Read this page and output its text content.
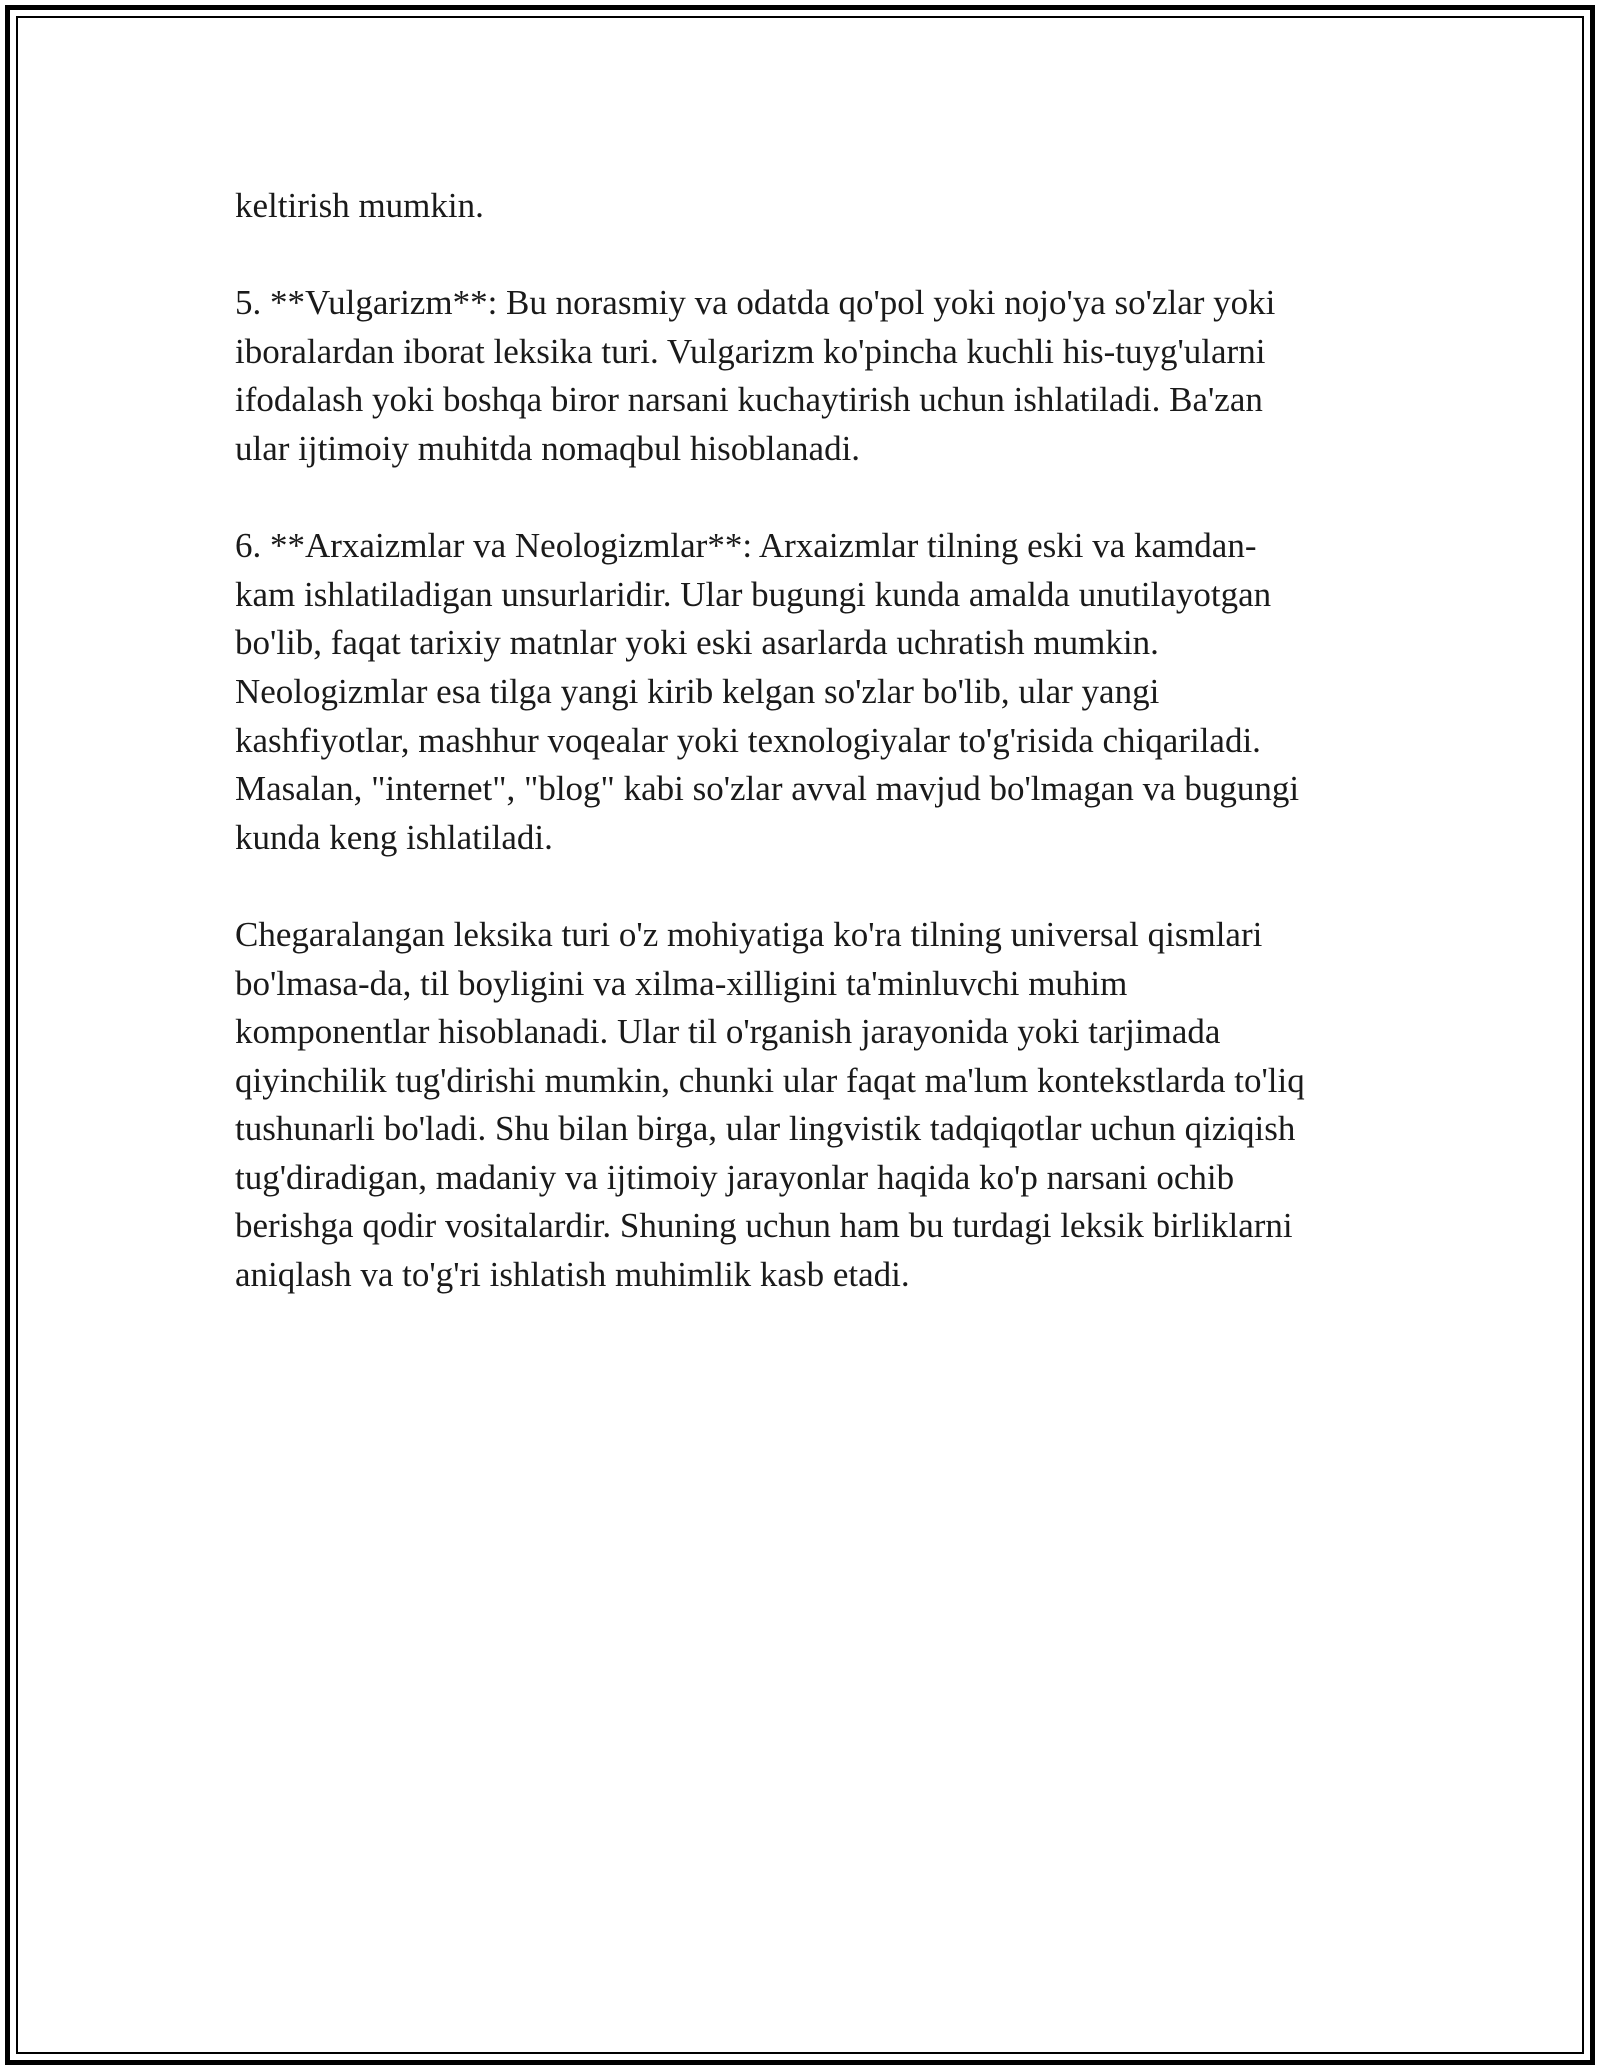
keltirish mumkin.

5. **Vulgarizm**: Bu norasmiy va odatda qo'pol yoki nojo'ya so'zlar yoki
iboralardan iborat leksika turi. Vulgarizm ko'pincha kuchli his-tuyg'ularni
ifodalash yoki boshqa biror narsani kuchaytirish uchun ishlatiladi. Ba'zan
ular ijtimoiy muhitda nomaqbul hisoblanadi.

6. **Arxaizmlar va Neologizmlar**: Arxaizmlar tilning eski va kamdan-
kam ishlatiladigan unsurlaridir. Ular bugungi kunda amalda unutilayotgan
bo'lib, faqat tarixiy matnlar yoki eski asarlarda uchratish mumkin.
Neologizmlar esa tilga yangi kirib kelgan so'zlar bo'lib, ular yangi
kashfiyotlar, mashhur voqealar yoki texnologiyalar to'g'risida chiqariladi.
Masalan, "internet", "blog" kabi so'zlar avval mavjud bo'lmagan va bugungi
kunda keng ishlatiladi.

Chegaralangan leksika turi o'z mohiyatiga ko'ra tilning universal qismlari
bo'lmasa-da, til boyligini va xilma-xilligini ta'minluvchi muhim
komponentlar hisoblanadi. Ular til o'rganish jarayonida yoki tarjimada
qiyinchilik tug'dirishi mumkin, chunki ular faqat ma'lum kontekstlarda to'liq
tushunarli bo'ladi. Shu bilan birga, ular lingvistik tadqiqotlar uchun qiziqish
tug'diradigan, madaniy va ijtimoiy jarayonlar haqida ko'p narsani ochib
berishga qodir vositalardir. Shuning uchun ham bu turdagi leksik birliklarni
aniqlash va to'g'ri ishlatish muhimlik kasb etadi.
